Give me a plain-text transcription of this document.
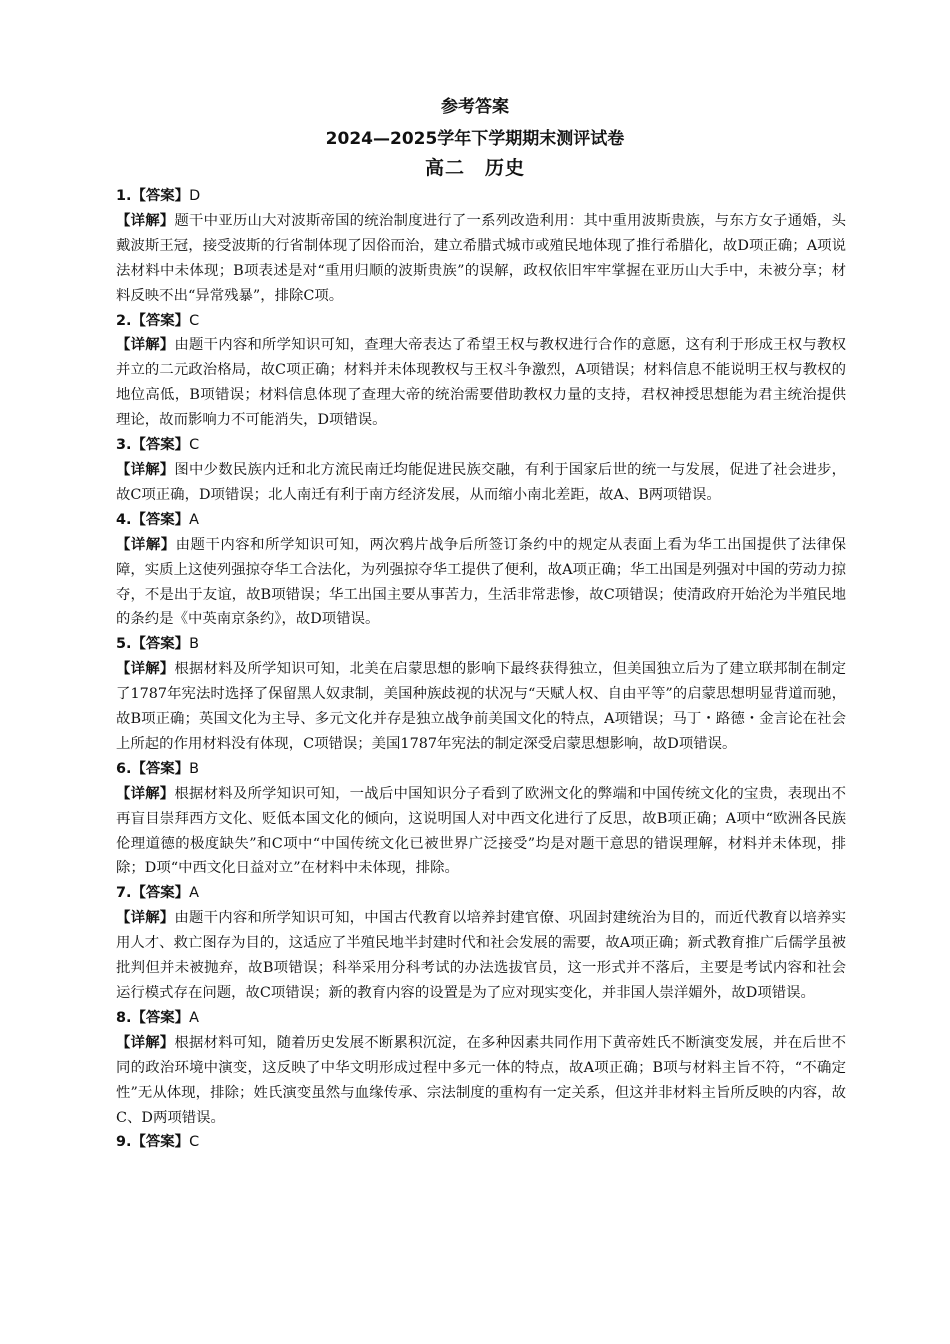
参考答案
2024—2025学年下学期期末测评试卷
高二　历史
1.【答案】D
【详解】题干中亚历山大对波斯帝国的统治制度进行了一系列改造利用：其中重用波斯贵族，与东方女子通婚，头戴波斯王冠，接受波斯的行省制体现了因俗而治，建立希腊式城市或殖民地体现了推行希腊化，故D项正确；A项说法材料中未体现；B项表述是对“重用归顺的波斯贵族”的误解，政权依旧牢牢掌握在亚历山大手中，未被分享；材料反映不出“异常残暴”，排除C项。
2.【答案】C
【详解】由题干内容和所学知识可知，查理大帝表达了希望王权与教权进行合作的意愿，这有利于形成王权与教权并立的二元政治格局，故C项正确；材料并未体现教权与王权斗争激烈，A项错误；材料信息不能说明王权与教权的地位高低，B项错误；材料信息体现了查理大帝的统治需要借助教权力量的支持，君权神授思想能为君主统治提供理论，故而影响力不可能消失，D项错误。
3.【答案】C
【详解】图中少数民族内迁和北方流民南迁均能促进民族交融，有利于国家后世的统一与发展，促进了社会进步，故C项正确，D项错误；北人南迁有利于南方经济发展，从而缩小南北差距，故A、B两项错误。
4.【答案】A
【详解】由题干内容和所学知识可知，两次鸦片战争后所签订条约中的规定从表面上看为华工出国提供了法律保障，实质上这使列强掠夺华工合法化，为列强掠夺华工提供了便利，故A项正确；华工出国是列强对中国的劳动力掠夺，不是出于友谊，故B项错误；华工出国主要从事苦力，生活非常悲惨，故C项错误；使清政府开始沦为半殖民地的条约是《中英南京条约》，故D项错误。
5.【答案】B
【详解】根据材料及所学知识可知，北美在启蒙思想的影响下最终获得独立，但美国独立后为了建立联邦制在制定了1787年宪法时选择了保留黑人奴隶制，美国种族歧视的状况与“天赋人权、自由平等”的启蒙思想明显背道而驰，故B项正确；英国文化为主导、多元文化并存是独立战争前美国文化的特点，A项错误；马丁・路德・金言论在社会上所起的作用材料没有体现，C项错误；美国1787年宪法的制定深受启蒙思想影响，故D项错误。
6.【答案】B
【详解】根据材料及所学知识可知，一战后中国知识分子看到了欧洲文化的弊端和中国传统文化的宝贵，表现出不再盲目崇拜西方文化、贬低本国文化的倾向，这说明国人对中西文化进行了反思，故B项正确；A项中“欧洲各民族伦理道德的极度缺失”和C项中“中国传统文化已被世界广泛接受”均是对题干意思的错误理解，材料并未体现，排除；D项“中西文化日益对立”在材料中未体现，排除。
7.【答案】A
【详解】由题干内容和所学知识可知，中国古代教育以培养封建官僚、巩固封建统治为目的，而近代教育以培养实用人才、救亡图存为目的，这适应了半殖民地半封建时代和社会发展的需要，故A项正确；新式教育推广后儒学虽被批判但并未被抛弃，故B项错误；科举采用分科考试的办法选拔官员，这一形式并不落后，主要是考试内容和社会运行模式存在问题，故C项错误；新的教育内容的设置是为了应对现实变化，并非国人崇洋媚外，故D项错误。
8.【答案】A
【详解】根据材料可知，随着历史发展不断累积沉淀，在多种因素共同作用下黄帝姓氏不断演变发展，并在后世不同的政治环境中演变，这反映了中华文明形成过程中多元一体的特点，故A项正确；B项与材料主旨不符，“不确定性”无从体现，排除；姓氏演变虽然与血缘传承、宗法制度的重构有一定关系，但这并非材料主旨所反映的内容，故C、D两项错误。
9.【答案】C
